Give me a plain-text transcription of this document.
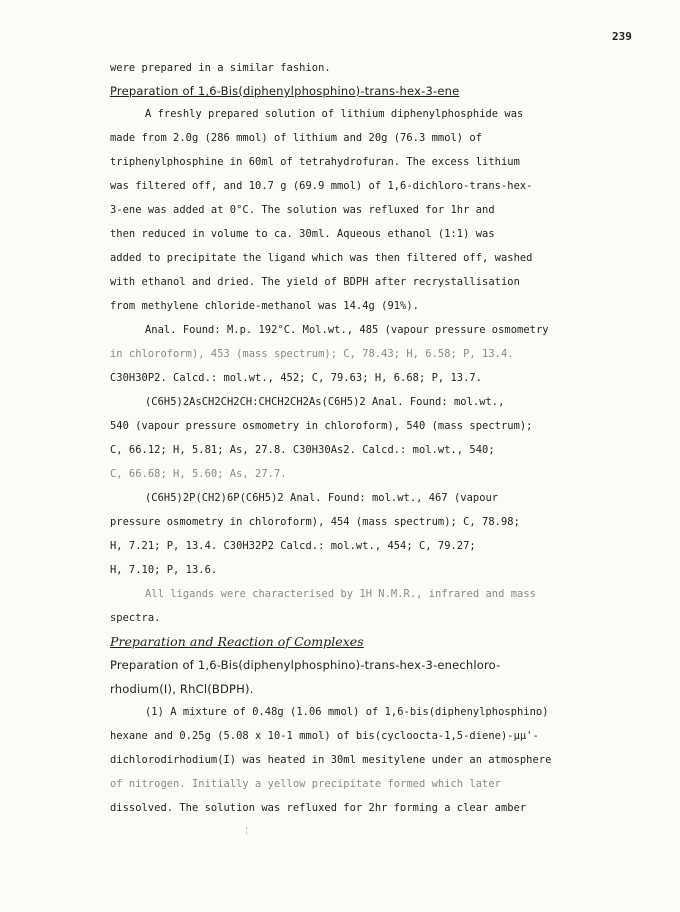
239
were prepared in a similar fashion.
Preparation of 1,6-Bis(diphenylphosphino)-trans-hex-3-ene
A freshly prepared solution of lithium diphenylphosphide was
made from 2.0g (286 mmol) of lithium and 20g (76.3 mmol) of
triphenylphosphine in 60ml of tetrahydrofuran. The excess lithium
was filtered off, and 10.7 g (69.9 mmol) of 1,6-dichloro-trans-hex-
3-ene was added at 0°C. The solution was refluxed for 1hr and
then reduced in volume to ca. 30ml. Aqueous ethanol (1:1) was
added to precipitate the ligand which was then filtered off, washed
with ethanol and dried. The yield of BDPH after recrystallisation
from methylene chloride-methanol was 14.4g (91%).
Anal. Found: M.p. 192°C. Mol.wt., 485 (vapour pressure osmometry
in chloroform), 453 (mass spectrum); C, 78.43; H, 6.58; P, 13.4.
C30H30P2. Calcd.: mol.wt., 452; C, 79.63; H, 6.68; P, 13.7.
(C6H5)2AsCH2CH2CH:CHCH2CH2As(C6H5)2 Anal. Found: mol.wt.,
540 (vapour pressure osmometry in chloroform), 540 (mass spectrum);
C, 66.12; H, 5.81; As, 27.8. C30H30As2. Calcd.: mol.wt., 540;
C, 66.68; H, 5.60; As, 27.7.
(C6H5)2P(CH2)6P(C6H5)2 Anal. Found: mol.wt., 467 (vapour
pressure osmometry in chloroform), 454 (mass spectrum); C, 78.98;
H, 7.21; P, 13.4. C30H32P2 Calcd.: mol.wt., 454; C, 79.27;
H, 7.10; P, 13.6.
All ligands were characterised by 1H N.M.R., infrared and mass
spectra.
Preparation and Reaction of Complexes
Preparation of 1,6-Bis(diphenylphosphino)-trans-hex-3-enechloro-
rhodium(I), RhCl(BDPH).
(1) A mixture of 0.48g (1.06 mmol) of 1,6-bis(diphenylphosphino)
hexane and 0.25g (5.08 x 10-1 mmol) of bis(cycloocta-1,5-diene)-μμ'-
dichlorodirhodium(I) was heated in 30ml mesitylene under an atmosphere
of nitrogen. Initially a yellow precipitate formed which later
dissolved. The solution was refluxed for 2hr forming a clear amber
¦
